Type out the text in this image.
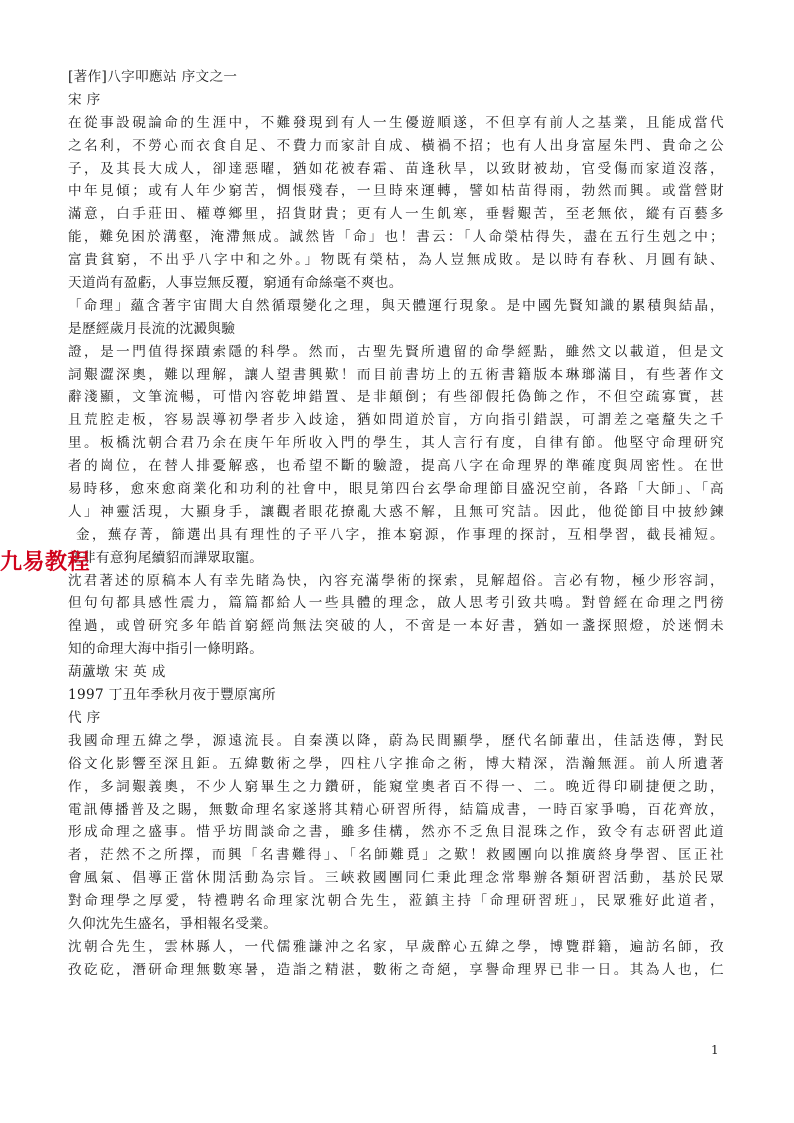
[著作]八字叩應站 序文之一
宋 序
在從事設硯論命的生涯中，不難發現到有人一生優遊順遂，不但享有前人之基業，且能成當代
之名利，不勞心而衣食自足、不費力而家計自成、橫禍不招；也有人出身富屋朱門、貴命之公
子，及其長大成人，卻達惡曜，猶如花被春霜、苗逢秋旱，以致財被劫，官受傷而家道沒落，
中年見傾；或有人年少窮苦，惆悵殘春，一旦時來運轉，譬如枯苗得雨，勃然而興。或當營財
滿意，白手莊田、權尊鄉里，招貨財貴；更有人一生飢寒，垂髫艱苦，至老無依，縱有百藝多
能，難免困於溝壑，淹滯無成。誠然皆「命」也！書云：「人命榮枯得失，盡在五行生剋之中；
富貴貧窮，不出乎八字中和之外。」物既有榮枯，為人豈無成敗。是以時有春秋、月圓有缺、
天道尚有盈虧，人事豈無反覆，窮通有命絲毫不爽也。
「命理」蘊含著宇宙間大自然循環變化之理，與天體運行現象。是中國先賢知識的累積與結晶，
是歷經歲月長流的沈澱與驗
證，是一門值得探蹟索隱的科學。然而，古聖先賢所遺留的命學經點，雖然文以載道，但是文
詞艱澀深奧，難以理解，讓人望書興歎！而目前書坊上的五術書籍版本琳瑯滿目，有些著作文
辭淺顯，文筆流暢，可惜內容乾坤錯置、是非顛倒；有些卻假托偽飾之作，不但空疏寡實，甚
且荒腔走板，容易誤導初學者步入歧途，猶如問道於盲，方向指引錯誤，可謂差之毫釐失之千
里。板橋沈朝合君乃余在庚午年所收入門的學生，其人言行有度，自律有節。他堅守命理研究
者的崗位，在替人排憂解惑，也希望不斷的驗證，提高八字在命理界的準確度與周密性。在世
易時移，愈來愈商業化和功利的社會中，眼見第四台玄學命理節目盛況空前，各路「大師」、「高
人」神靈活現，大顯身手，讓觀者眼花撩亂大惑不解，且無可究詰。因此，他從節目中披紗鍊
金，蕪存菁，篩選出具有理性的子平八字，推本窮源，作事理的探討，互相學習，截長補短。
並非有意狗尾續貂而譁眾取寵。
沈君著述的原稿本人有幸先睹為快，內容充滿學術的探索，見解超俗。言必有物，極少形容詞，
但句句都具感性震力，篇篇都給人一些具體的理念，啟人思考引致共鳴。對曾經在命理之門徬
徨過，或曾研究多年皓首窮經尚無法突破的人，不啻是一本好書，猶如一盞探照燈，於迷惘未
知的命理大海中指引一條明路。
葫蘆墩 宋 英 成
1997 丁丑年季秋月夜于豐原寓所
代 序
我國命理五緯之學，源遠流長。自秦漢以降，蔚為民間顯學，歷代名師輩出，佳話迭傳，對民
俗文化影響至深且鉅。五緯數術之學，四柱八字推命之術，博大精深，浩瀚無涯。前人所遺著
作，多詞艱義奧，不少人窮畢生之力鑽研，能窺堂奧者百不得一、二。晚近得印刷捷便之助，
電訊傳播普及之賜，無數命理名家遂將其精心研習所得，結篇成書，一時百家爭鳴，百花齊放，
形成命理之盛事。惜乎坊間談命之書，雖多佳構，然亦不乏魚目混珠之作，致令有志研習此道
者，茫然不之所擇，而興「名書難得」、「名師難覓」之歎！救國團向以推廣終身學習、匡正社
會風氣、倡導正當休閒活動為宗旨。三峽救國團同仁秉此理念常舉辦各類研習活動，基於民眾
對命理學之厚愛，特禮聘名命理家沈朝合先生，蒞鎮主持「命理研習班」，民眾雅好此道者，
久仰沈先生盛名，爭相報名受業。
沈朝合先生，雲林縣人，一代儒雅謙沖之名家，早歲醉心五緯之學，博覽群籍，遍訪名師，孜
孜矻矻，潛研命理無數寒暑，造詣之精湛，數術之奇絕，享譽命理界已非一日。其為人也，仁
九易教程
1
